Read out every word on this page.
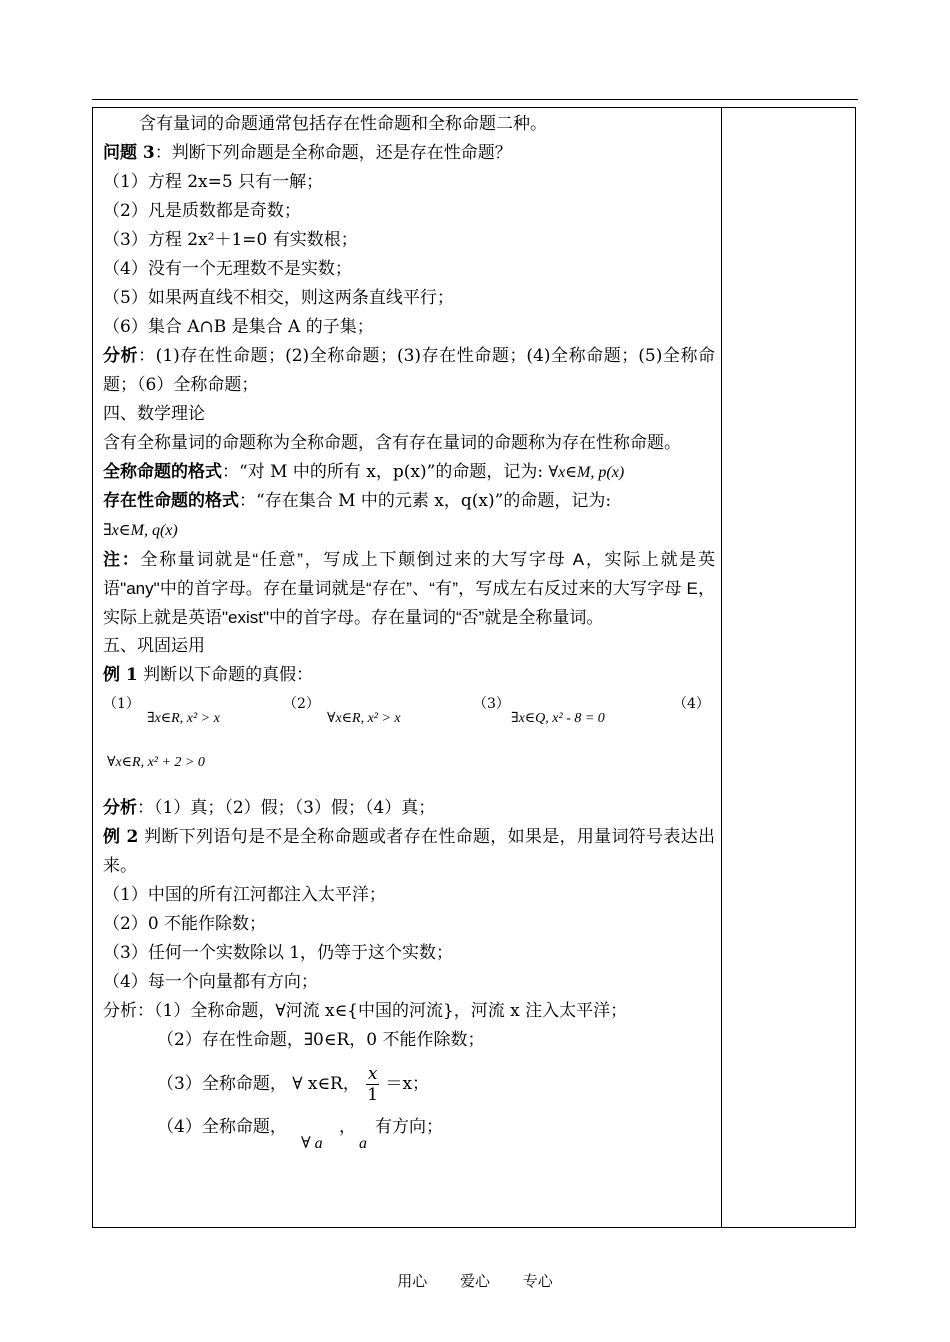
含有量词的命题通常包括存在性命题和全称命题二种。
问题 3：判断下列命题是全称命题，还是存在性命题？
（1）方程 2x=5 只有一解；
（2）凡是质数都是奇数；
（3）方程 2x²＋1=0 有实数根；
（4）没有一个无理数不是实数；
（5）如果两直线不相交，则这两条直线平行；
（6）集合 A∩B 是集合 A 的子集；
分析：(1)存在性命题；(2)全称命题；(3)存在性命题；(4)全称命题；(5)全称命题；（6）全称命题；
四、数学理论
含有全称量词的命题称为全称命题，含有存在量词的命题称为存在性称命题。
全称命题的格式：“对 M 中的所有 x，p(x)”的命题，记为: ∀x∈M, p(x)
存在性命题的格式：“存在集合 M 中的元素 x，q(x)”的命题，记为:
∃x∈M, q(x)
注：全称量词就是“任意”，写成上下颠倒过来的大写字母 A，实际上就是英语"any"中的首字母。存在量词就是“存在”、“有”，写成左右反过来的大写字母 E，实际上就是英语"exist"中的首字母。存在量词的“否”就是全称量词。
五、巩固运用
例 1 判断以下命题的真假：
（1）
∃x∈R, x² > x
（2）
∀x∈R, x² > x
（3）
∃x∈Q, x² - 8 = 0
（4）
∀x∈R, x² + 2 > 0
分析：（1）真；（2）假；（3）假；（4）真；
例 2 判断下列语句是不是全称命题或者存在性命题，如果是，用量词符号表达出来。
（1）中国的所有江河都注入太平洋；
（2）0 不能作除数；
（3）任何一个实数除以 1，仍等于这个实数；
（4）每一个向量都有方向；
分析：（1）全称命题，∀河流 x∈{中国的河流}，河流 x 注入太平洋；
（2）存在性命题，∃0∈R，0 不能作除数；
（3）全称命题， ∀ x∈R， $\frac{x}{1} =x$；
（4）全称命题，
∀ a
，
a
有方向；
用心 爱心 专心
